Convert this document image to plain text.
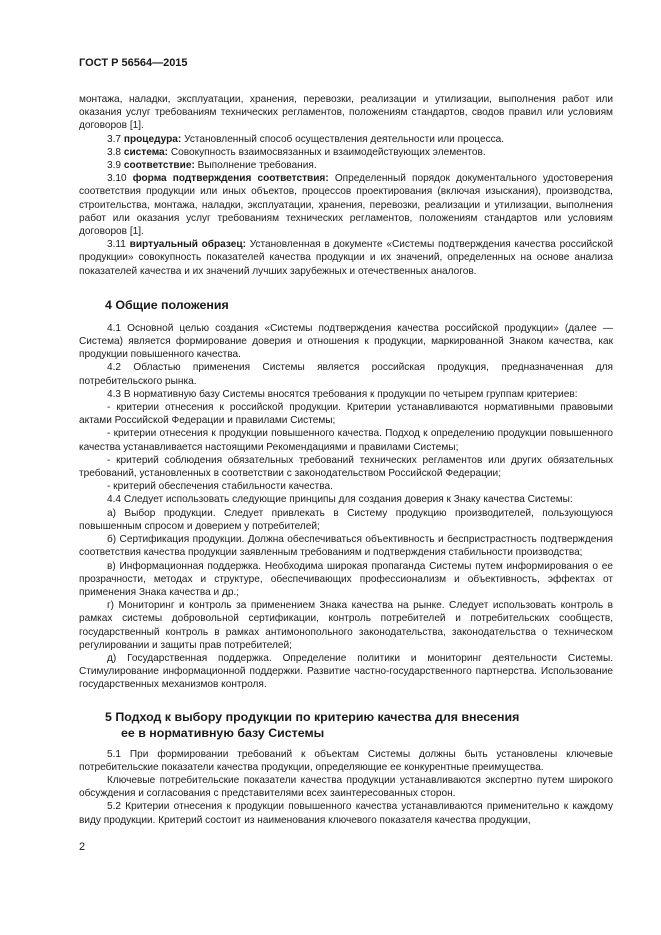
ГОСТ Р 56564—2015

монтажа, наладки, эксплуатации, хранения, перевозки, реализации и утилизации, выполнения работ или оказания услуг требованиям технических регламентов, положениям стандартов, сводов правил или условиям договоров [1].

3.7 процедура: Установленный способ осуществления деятельности или процесса.

3.8 система: Совокупность взаимосвязанных и взаимодействующих элементов.

3.9 соответствие: Выполнение требования.

3.10 форма подтверждения соответствия: Определенный порядок документального удостоверения соответствия продукции или иных объектов, процессов проектирования (включая изыскания), производства, строительства, монтажа, наладки, эксплуатации, хранения, перевозки, реализации и утилизации, выполнения работ или оказания услуг требованиям технических регламентов, положениям стандартов или условиям договоров [1].

3.11 виртуальный образец: Установленная в документе «Системы подтверждения качества российской продукции» совокупность показателей качества продукции и их значений, определенных на основе анализа показателей качества и их значений лучших зарубежных и отечественных аналогов.

4 Общие положения

4.1 Основной целью создания «Системы подтверждения качества российской продукции» (далее — Система) является формирование доверия и отношения к продукции, маркированной Знаком качества, как продукции повышенного качества.

4.2 Областью применения Системы является российская продукция, предназначенная для потребительского рынка.

4.3 В нормативную базу Системы вносятся требования к продукции по четырем группам критериев:

- критерии отнесения к российской продукции. Критерии устанавливаются нормативными правовыми актами Российской Федерации и правилами Системы;

- критерии отнесения к продукции повышенного качества. Подход к определению продукции повышенного качества устанавливается настоящими Рекомендациями и правилами Системы;

- критерий соблюдения обязательных требований технических регламентов или других обязательных требований, установленных в соответствии с законодательством Российской Федерации;

- критерий обеспечения стабильности качества.

4.4 Следует использовать следующие принципы для создания доверия к Знаку качества Системы:

а) Выбор продукции. Следует привлекать в Систему продукцию производителей, пользующуюся повышенным спросом и доверием у потребителей;

б) Сертификация продукции. Должна обеспечиваться объективность и беспристрастность подтверждения соответствия качества продукции заявленным требованиям и подтверждения стабильности производства;

в) Информационная поддержка. Необходима широкая пропаганда Системы путем информирования о ее прозрачности, методах и структуре, обеспечивающих профессионализм и объективность, эффектах от применения Знака качества и др.;

г) Мониторинг и контроль за применением Знака качества на рынке. Следует использовать контроль в рамках системы добровольной сертификации, контроль потребителей и потребительских сообществ, государственный контроль в рамках антимонопольного законодательства, законодательства о техническом регулировании и защиты прав потребителей;

д) Государственная поддержка. Определение политики и мониторинг деятельности Системы. Стимулирование информационной поддержки. Развитие частно-государственного партнерства. Использование государственных механизмов контроля.

5 Подход к выбору продукции по критерию качества для внесения
ее в нормативную базу Системы

5.1 При формировании требований к объектам Системы должны быть установлены ключевые потребительские показатели качества продукции, определяющие ее конкурентные преимущества.

Ключевые потребительские показатели качества продукции устанавливаются экспертно путем широкого обсуждения и согласования с представителями всех заинтересованных сторон.

5.2 Критерии отнесения к продукции повышенного качества устанавливаются применительно к каждому виду продукции. Критерий состоит из наименования ключевого показателя качества продукции,

2
